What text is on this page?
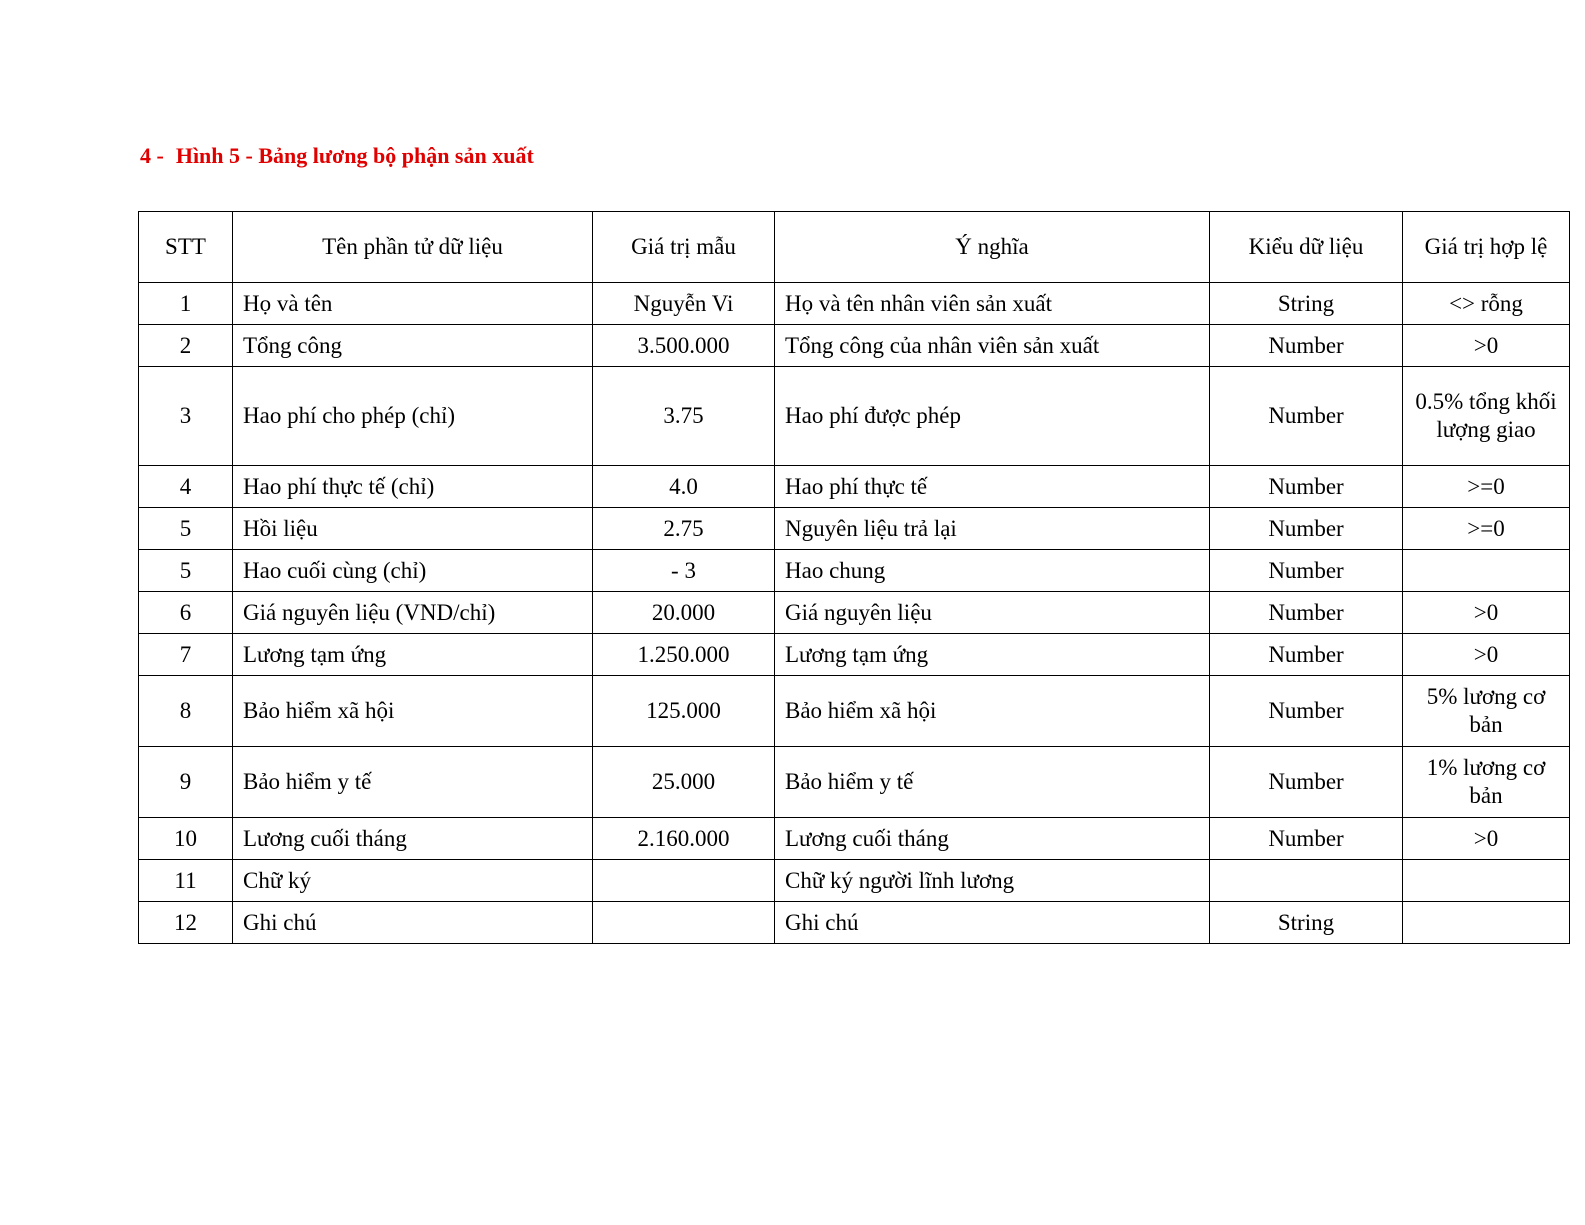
4 - Hình 5 - Bảng lương bộ phận sản xuất
STT	Tên phần tử dữ liệu	Giá trị mẫu	Ý nghĩa	Kiểu dữ liệu	Giá trị hợp lệ
1	Họ và tên	Nguyễn Vi	Họ và tên nhân viên sản xuất	String	<> rỗng
2	Tổng công	3.500.000	Tổng công của nhân viên sản xuất	Number	>0
3	Hao phí cho phép (chỉ)	3.75	Hao phí được phép	Number	0.5% tổng khối lượng giao
4	Hao phí thực tế (chỉ)	4.0	Hao phí thực tế	Number	>=0
5	Hồi liệu	2.75	Nguyên liệu trả lại	Number	>=0
5	Hao cuối cùng (chỉ)	- 3	Hao chung	Number	
6	Giá nguyên liệu (VND/chỉ)	20.000	Giá nguyên liệu	Number	>0
7	Lương tạm ứng	1.250.000	Lương tạm ứng	Number	>0
8	Bảo hiểm xã hội	125.000	Bảo hiểm xã hội	Number	5% lương cơ bản
9	Bảo hiểm y tế	25.000	Bảo hiểm y tế	Number	1% lương cơ bản
10	Lương cuối tháng	2.160.000	Lương cuối tháng	Number	>0
11	Chữ ký		Chữ ký người lĩnh lương		
12	Ghi chú		Ghi chú	String	
